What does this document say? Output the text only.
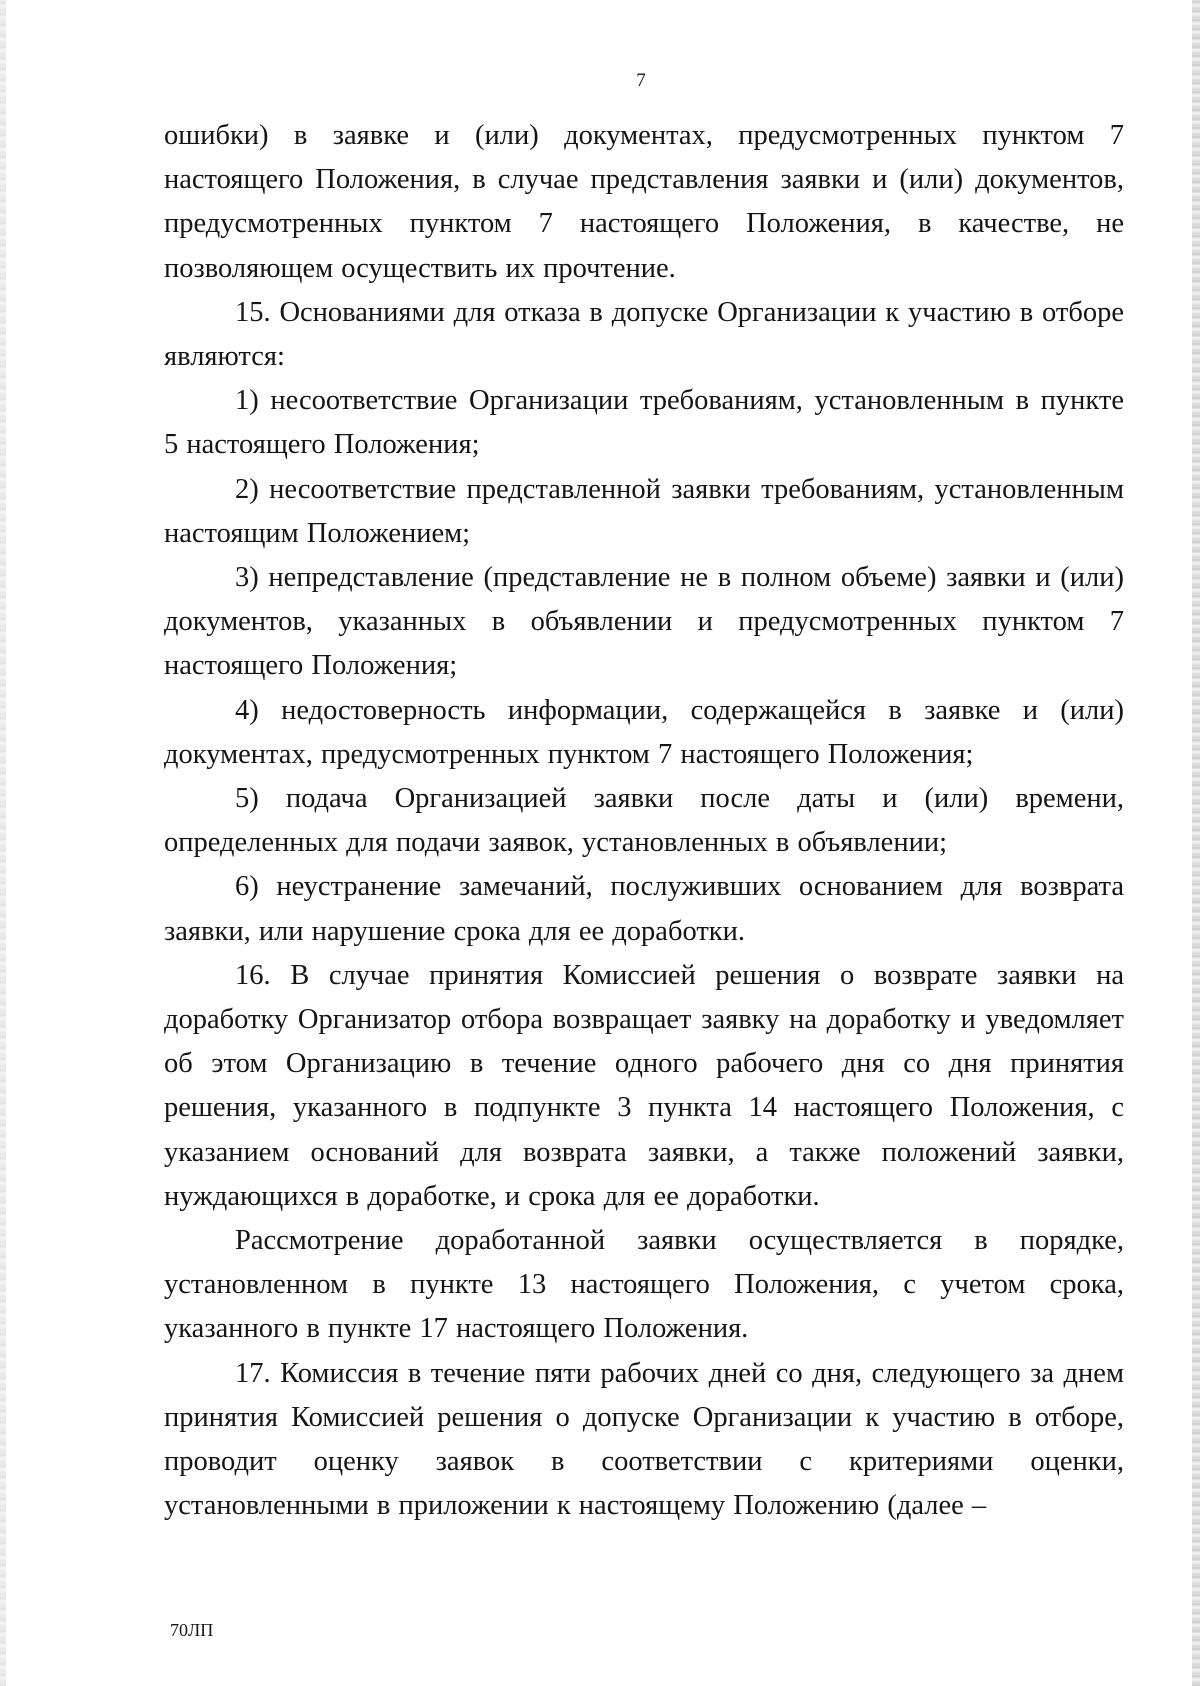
7

ошибки) в заявке и (или) документах, предусмотренных пунктом 7 настоящего Положения, в случае представления заявки и (или) документов, предусмотренных пунктом 7 настоящего Положения, в качестве, не позволяющем осуществить их прочтение.

15. Основаниями для отказа в допуске Организации к участию в отборе являются:

1) несоответствие Организации требованиям, установленным в пункте 5 настоящего Положения;

2) несоответствие представленной заявки требованиям, установленным настоящим Положением;

3) непредставление (представление не в полном объеме) заявки и (или) документов, указанных в объявлении и предусмотренных пунктом 7 настоящего Положения;

4) недостоверность информации, содержащейся в заявке и (или) документах, предусмотренных пунктом 7 настоящего Положения;

5) подача Организацией заявки после даты и (или) времени, определенных для подачи заявок, установленных в объявлении;

6) неустранение замечаний, послуживших основанием для возврата заявки, или нарушение срока для ее доработки.

16. В случае принятия Комиссией решения о возврате заявки на доработку Организатор отбора возвращает заявку на доработку и уведомляет об этом Организацию в течение одного рабочего дня со дня принятия решения, указанного в подпункте 3 пункта 14 настоящего Положения, с указанием оснований для возврата заявки, а также положений заявки, нуждающихся в доработке, и срока для ее доработки.

Рассмотрение доработанной заявки осуществляется в порядке, установленном в пункте 13 настоящего Положения, с учетом срока, указанного в пункте 17 настоящего Положения.

17. Комиссия в течение пяти рабочих дней со дня, следующего за днем принятия Комиссией решения о допуске Организации к участию в отборе, проводит оценку заявок в соответствии с критериями оценки, установленными в приложении к настоящему Положению (далее –

70ЛП
